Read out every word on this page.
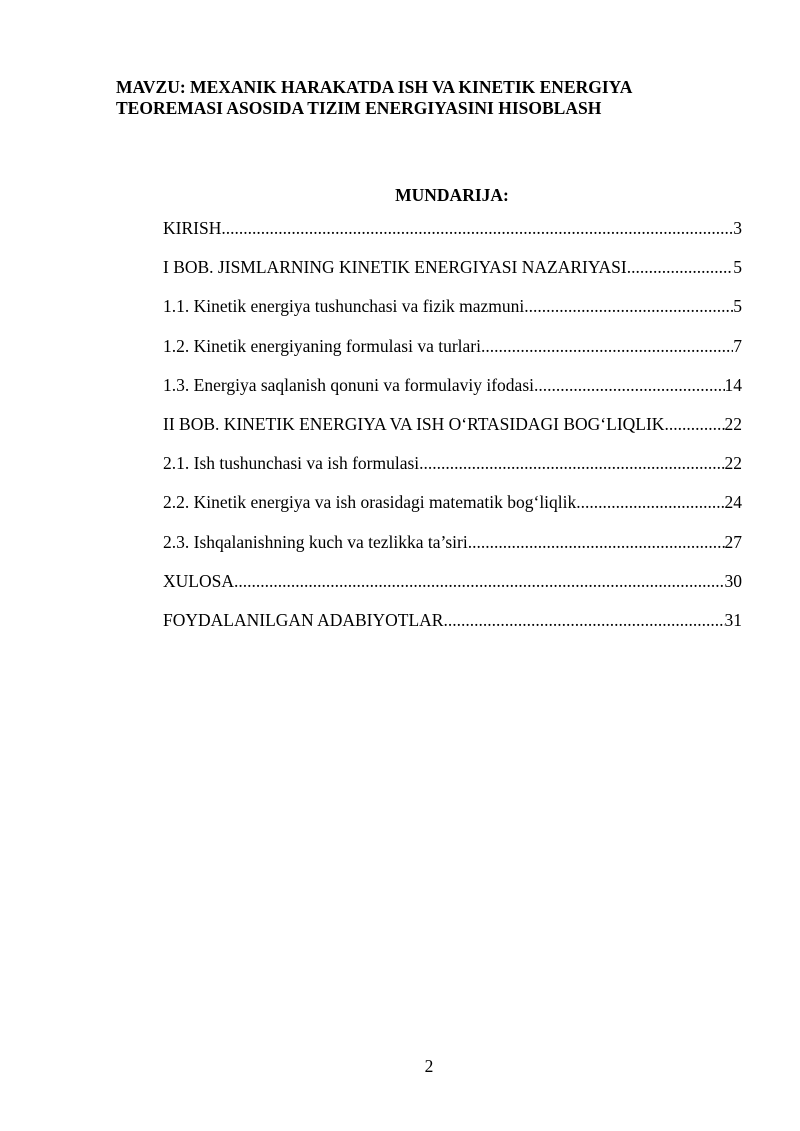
MAVZU: MEXANIK HARAKATDA ISH VA KINETIK ENERGIYA
TEOREMASI ASOSIDA TIZIM ENERGIYASINI HISOBLASH
MUNDARIJA:
KIRISH .....	3
I BOB. JISMLARNING KINETIK ENERGIYASI NAZARIYASI .....	5
1.1. Kinetik energiya tushunchasi va fizik mazmuni .....	5
1.2. Kinetik energiyaning formulasi va turlari .....	7
1.3. Energiya saqlanish qonuni va formulaviy ifodasi .....	14
II BOB. KINETIK ENERGIYA VA ISH O‘RTASIDAGI BOG‘LIQLIK .....	22
2.1. Ish tushunchasi va ish formulasi .....	22
2.2. Kinetik energiya va ish orasidagi matematik bog‘liqlik .....	24
2.3. Ishqalanishning kuch va tezlikka ta’siri .....	27
XULOSA .....	30
FOYDALANILGAN ADABIYOTLAR .....	31
2
